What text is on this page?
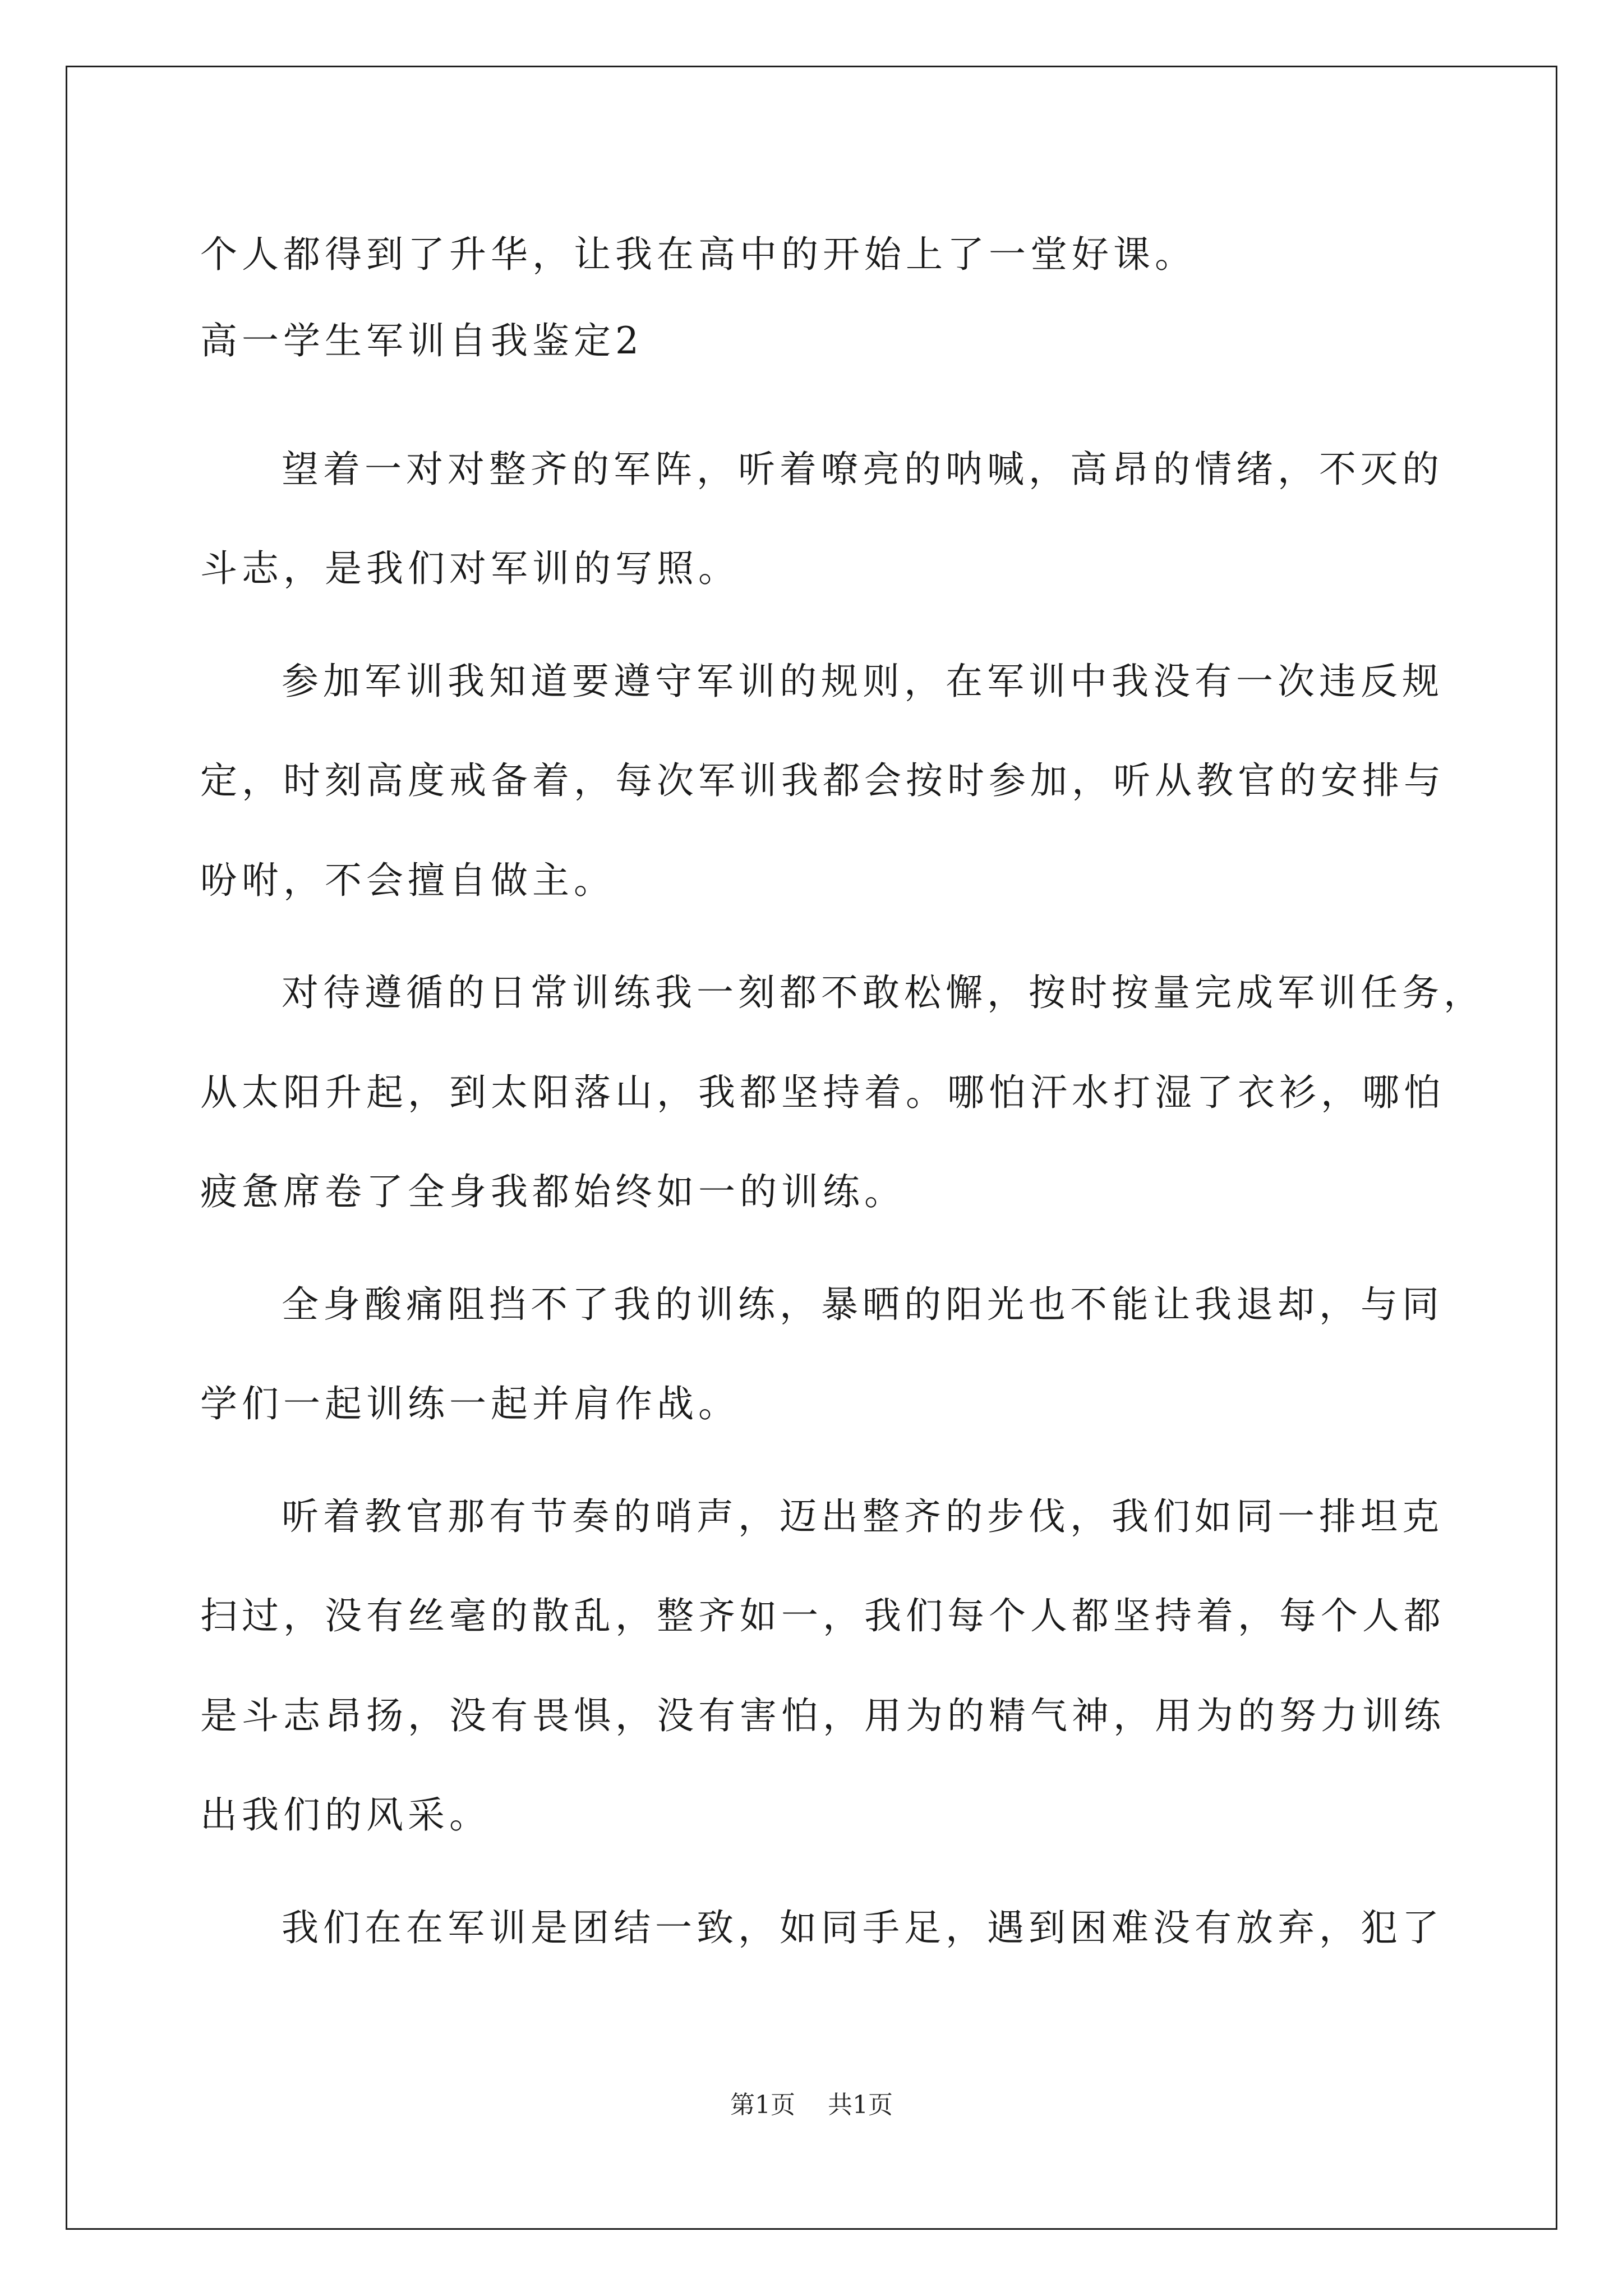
个人都得到了升华，让我在高中的开始上了一堂好课。
高一学生军训自我鉴定2
望着一对对整齐的军阵，听着嘹亮的呐喊，高昂的情绪，不灭的
斗志，是我们对军训的写照。
参加军训我知道要遵守军训的规则，在军训中我没有一次违反规
定，时刻高度戒备着，每次军训我都会按时参加，听从教官的安排与
吩咐，不会擅自做主。
对待遵循的日常训练我一刻都不敢松懈，按时按量完成军训任务，
从太阳升起，到太阳落山，我都坚持着。哪怕汗水打湿了衣衫，哪怕
疲惫席卷了全身我都始终如一的训练。
全身酸痛阻挡不了我的训练，暴晒的阳光也不能让我退却，与同
学们一起训练一起并肩作战。
听着教官那有节奏的哨声，迈出整齐的步伐，我们如同一排坦克
扫过，没有丝毫的散乱，整齐如一，我们每个人都坚持着，每个人都
是斗志昂扬，没有畏惧，没有害怕，用为的精气神，用为的努力训练
出我们的风采。
我们在在军训是团结一致，如同手足，遇到困难没有放弃，犯了
第1页 共1页
